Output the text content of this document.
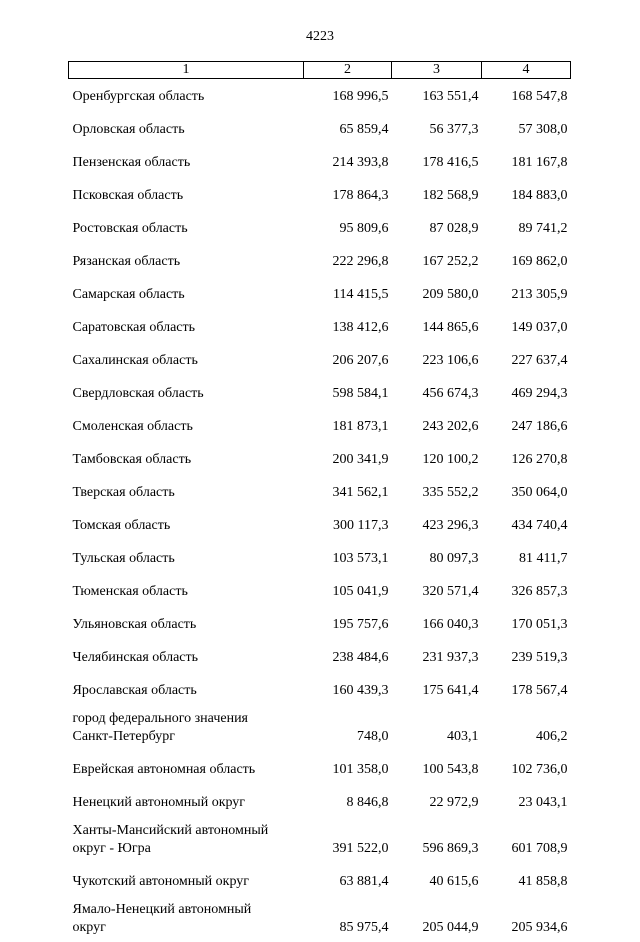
4223
1	2	3	4

Оренбургская область	168 996,5	163 551,4	168 547,8

Орловская область	65 859,4	56 377,3	57 308,0

Пензенская область	214 393,8	178 416,5	181 167,8

Псковская область	178 864,3	182 568,9	184 883,0

Ростовская область	95 809,6	87 028,9	89 741,2

Рязанская область	222 296,8	167 252,2	169 862,0

Самарская область	114 415,5	209 580,0	213 305,9

Саратовская область	138 412,6	144 865,6	149 037,0

Сахалинская область	206 207,6	223 106,6	227 637,4

Свердловская область	598 584,1	456 674,3	469 294,3

Смоленская область	181 873,1	243 202,6	247 186,6

Тамбовская область	200 341,9	120 100,2	126 270,8

Тверская область	341 562,1	335 552,2	350 064,0

Томская область	300 117,3	423 296,3	434 740,4

Тульская область	103 573,1	80 097,3	81 411,7

Тюменская область	105 041,9	320 571,4	326 857,3

Ульяновская область	195 757,6	166 040,3	170 051,3

Челябинская область	238 484,6	231 937,3	239 519,3

Ярославская область	160 439,3	175 641,4	178 567,4

город федерального значения
Санкт-Петербург	748,0	403,1	406,2

Еврейская автономная область	101 358,0	100 543,8	102 736,0

Ненецкий автономный округ	8 846,8	22 972,9	23 043,1

Ханты-Мансийский автономный
округ - Югра	391 522,0	596 869,3	601 708,9

Чукотский автономный округ	63 881,4	40 615,6	41 858,8

Ямало-Ненецкий автономный
округ	85 975,4	205 044,9	205 934,6
